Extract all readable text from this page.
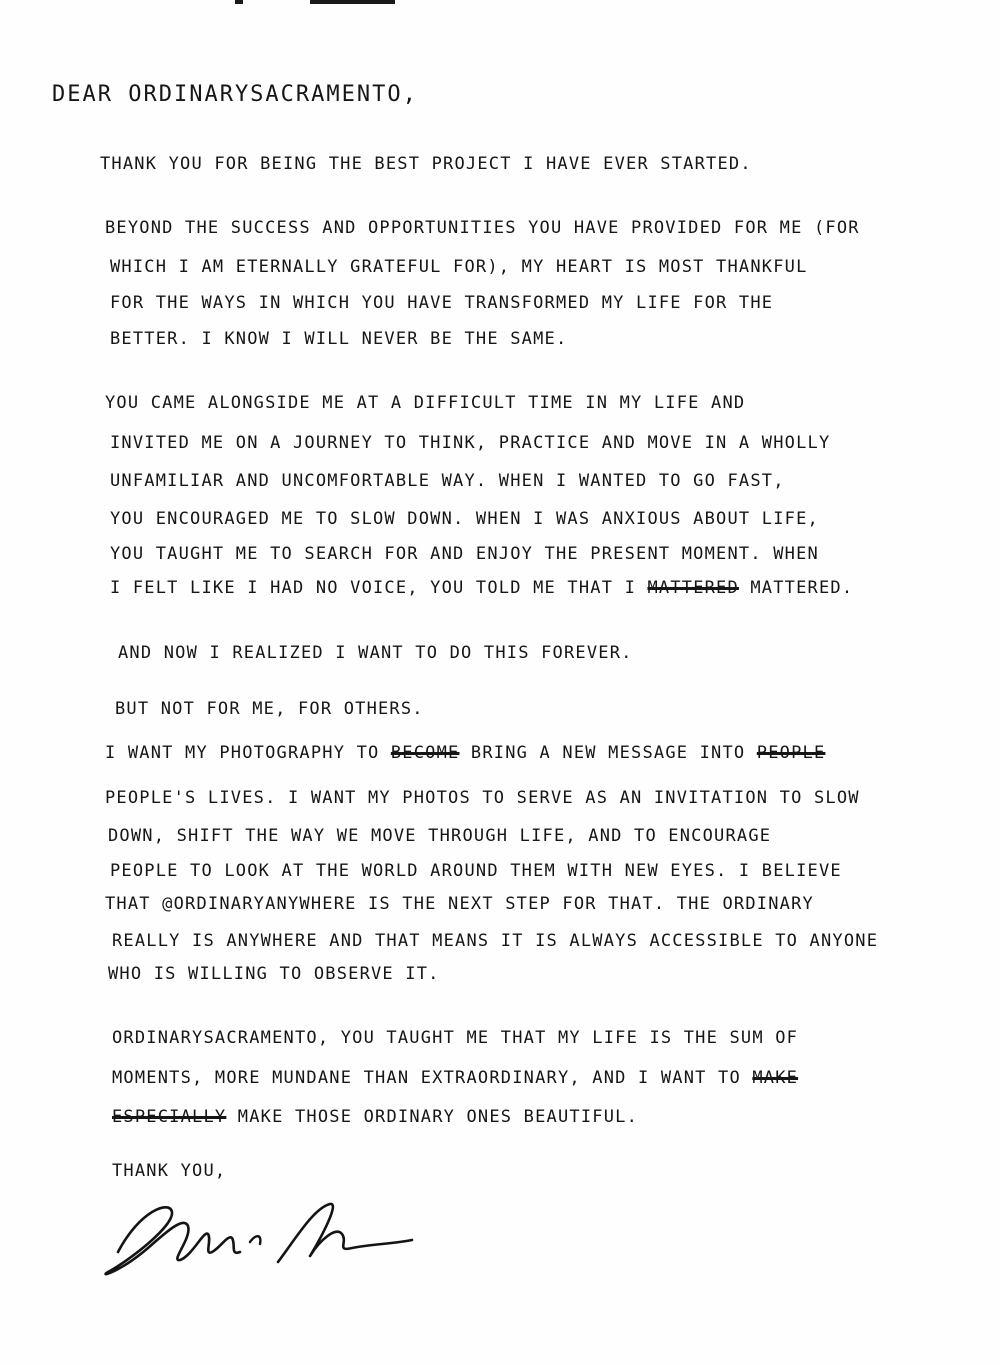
DEAR ORDINARYSACRAMENTO,
THANK YOU FOR BEING THE BEST PROJECT I HAVE EVER STARTED.
BEYOND THE SUCCESS AND OPPORTUNITIES YOU HAVE PROVIDED FOR ME (FOR
WHICH I AM ETERNALLY GRATEFUL FOR), MY HEART IS MOST THANKFUL
FOR THE WAYS IN WHICH YOU HAVE TRANSFORMED MY LIFE FOR THE
BETTER. I KNOW I WILL NEVER BE THE SAME.
YOU CAME ALONGSIDE ME AT A DIFFICULT TIME IN MY LIFE AND
INVITED ME ON A JOURNEY TO THINK, PRACTICE AND MOVE IN A WHOLLY
UNFAMILIAR AND UNCOMFORTABLE WAY. WHEN I WANTED TO GO FAST,
YOU ENCOURAGED ME TO SLOW DOWN. WHEN I WAS ANXIOUS ABOUT LIFE,
YOU TAUGHT ME TO SEARCH FOR AND ENJOY THE PRESENT MOMENT. WHEN
I FELT LIKE I HAD NO VOICE, YOU TOLD ME THAT I MATTERED MATTERED.
AND NOW I REALIZED I WANT TO DO THIS FOREVER.
BUT NOT FOR ME, FOR OTHERS.
I WANT MY PHOTOGRAPHY TO BECOME BRING A NEW MESSAGE INTO PEOPLE
PEOPLE'S LIVES. I WANT MY PHOTOS TO SERVE AS AN INVITATION TO SLOW
DOWN, SHIFT THE WAY WE MOVE THROUGH LIFE, AND TO ENCOURAGE
PEOPLE TO LOOK AT THE WORLD AROUND THEM WITH NEW EYES. I BELIEVE
THAT @ORDINARYANYWHERE IS THE NEXT STEP FOR THAT. THE ORDINARY
REALLY IS ANYWHERE AND THAT MEANS IT IS ALWAYS ACCESSIBLE TO ANYONE
WHO IS WILLING TO OBSERVE IT.
ORDINARYSACRAMENTO, YOU TAUGHT ME THAT MY LIFE IS THE SUM OF
MOMENTS, MORE MUNDANE THAN EXTRAORDINARY, AND I WANT TO MAKE
ESPECIALLY MAKE THOSE ORDINARY ONES BEAUTIFUL.
THANK YOU,
